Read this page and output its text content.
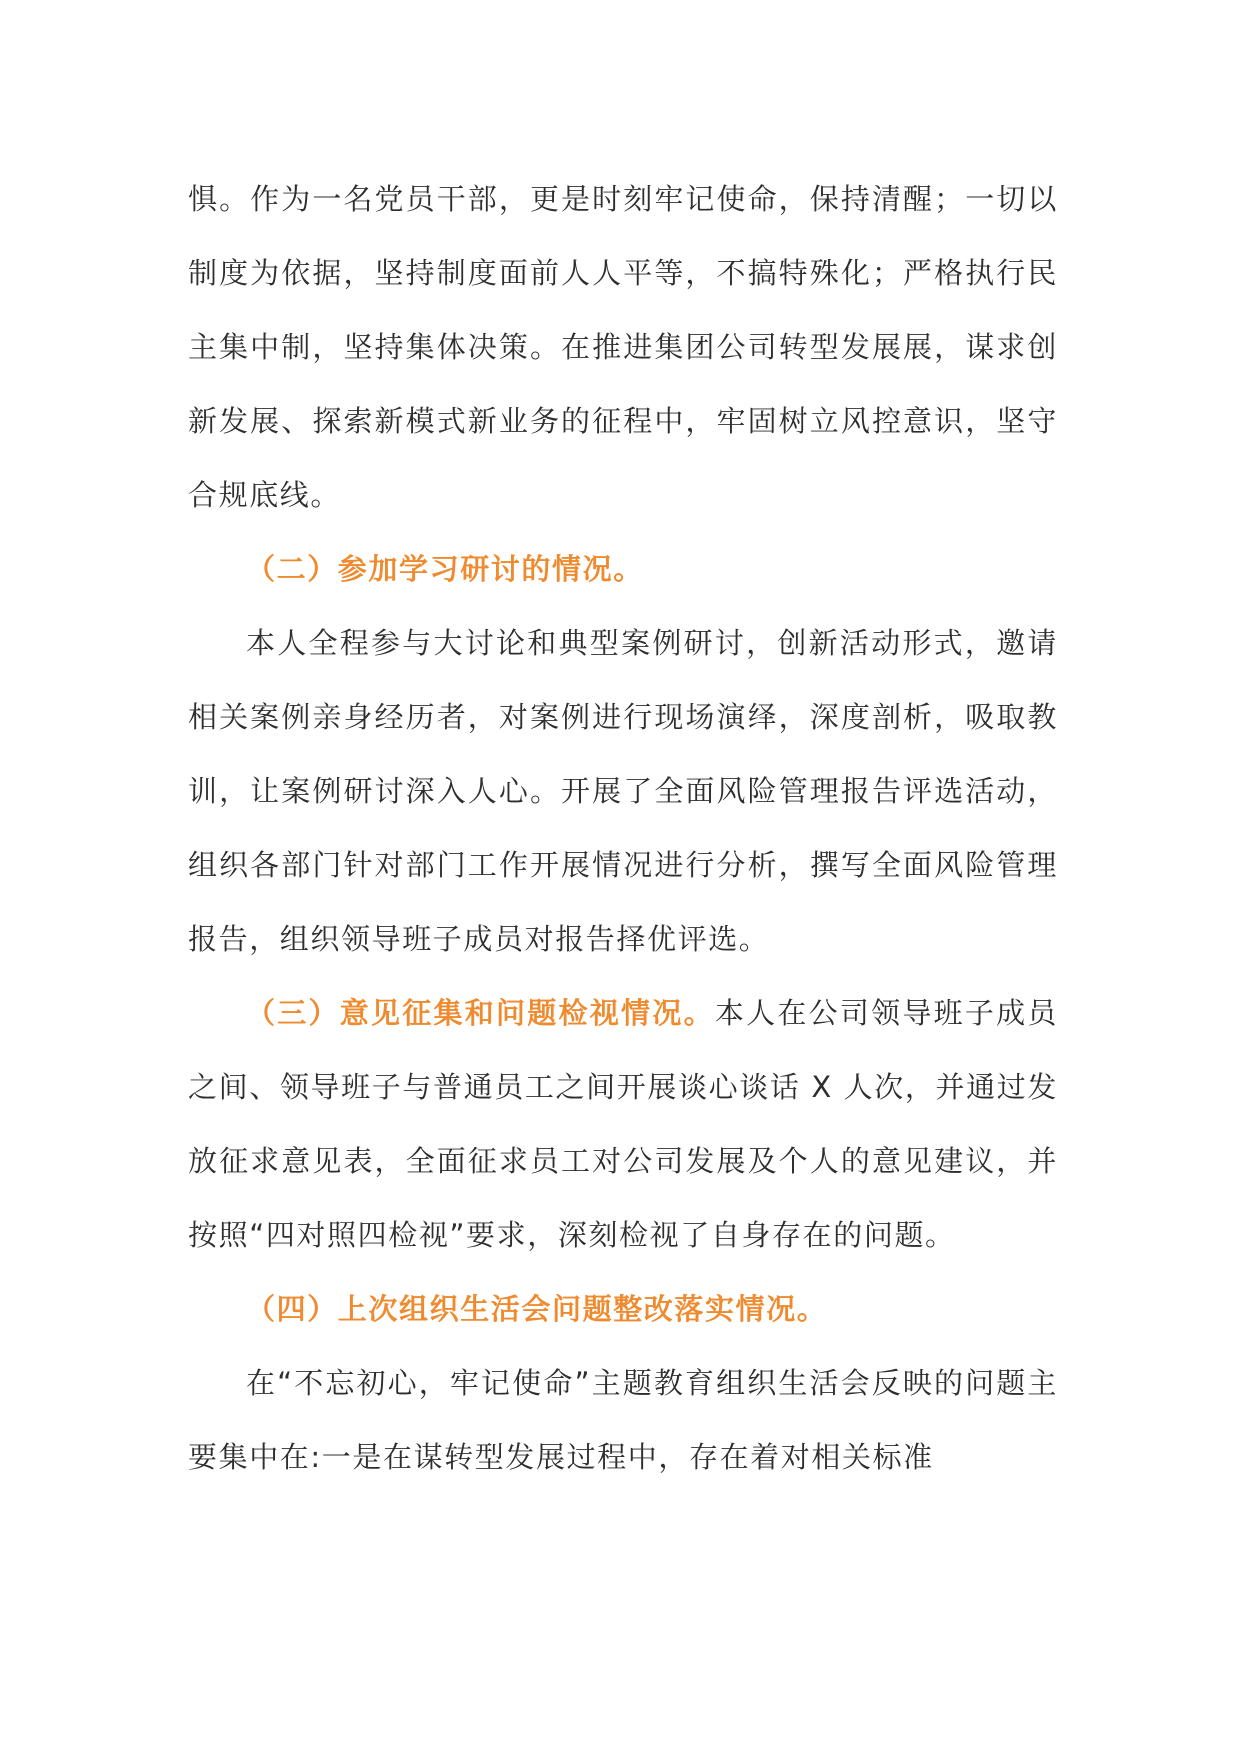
惧。作为一名党员干部，更是时刻牢记使命，保持清醒；一切以制度为依据，坚持制度面前人人平等，不搞特殊化；严格执行民主集中制，坚持集体决策。在推进集团公司转型发展展，谋求创新发展、探索新模式新业务的征程中，牢固树立风控意识，坚守合规底线。

（二）参加学习研讨的情况。

本人全程参与大讨论和典型案例研讨，创新活动形式，邀请相关案例亲身经历者，对案例进行现场演绎，深度剖析，吸取教训，让案例研讨深入人心。开展了全面风险管理报告评选活动，组织各部门针对部门工作开展情况进行分析，撰写全面风险管理报告，组织领导班子成员对报告择优评选。

（三）意见征集和问题检视情况。本人在公司领导班子成员之间、领导班子与普通员工之间开展谈心谈话 X 人次，并通过发放征求意见表，全面征求员工对公司发展及个人的意见建议，并按照“四对照四检视”要求，深刻检视了自身存在的问题。

（四）上次组织生活会问题整改落实情况。

在“不忘初心，牢记使命”主题教育组织生活会反映的问题主要集中在:一是在谋转型发展过程中，存在着对相关标准
